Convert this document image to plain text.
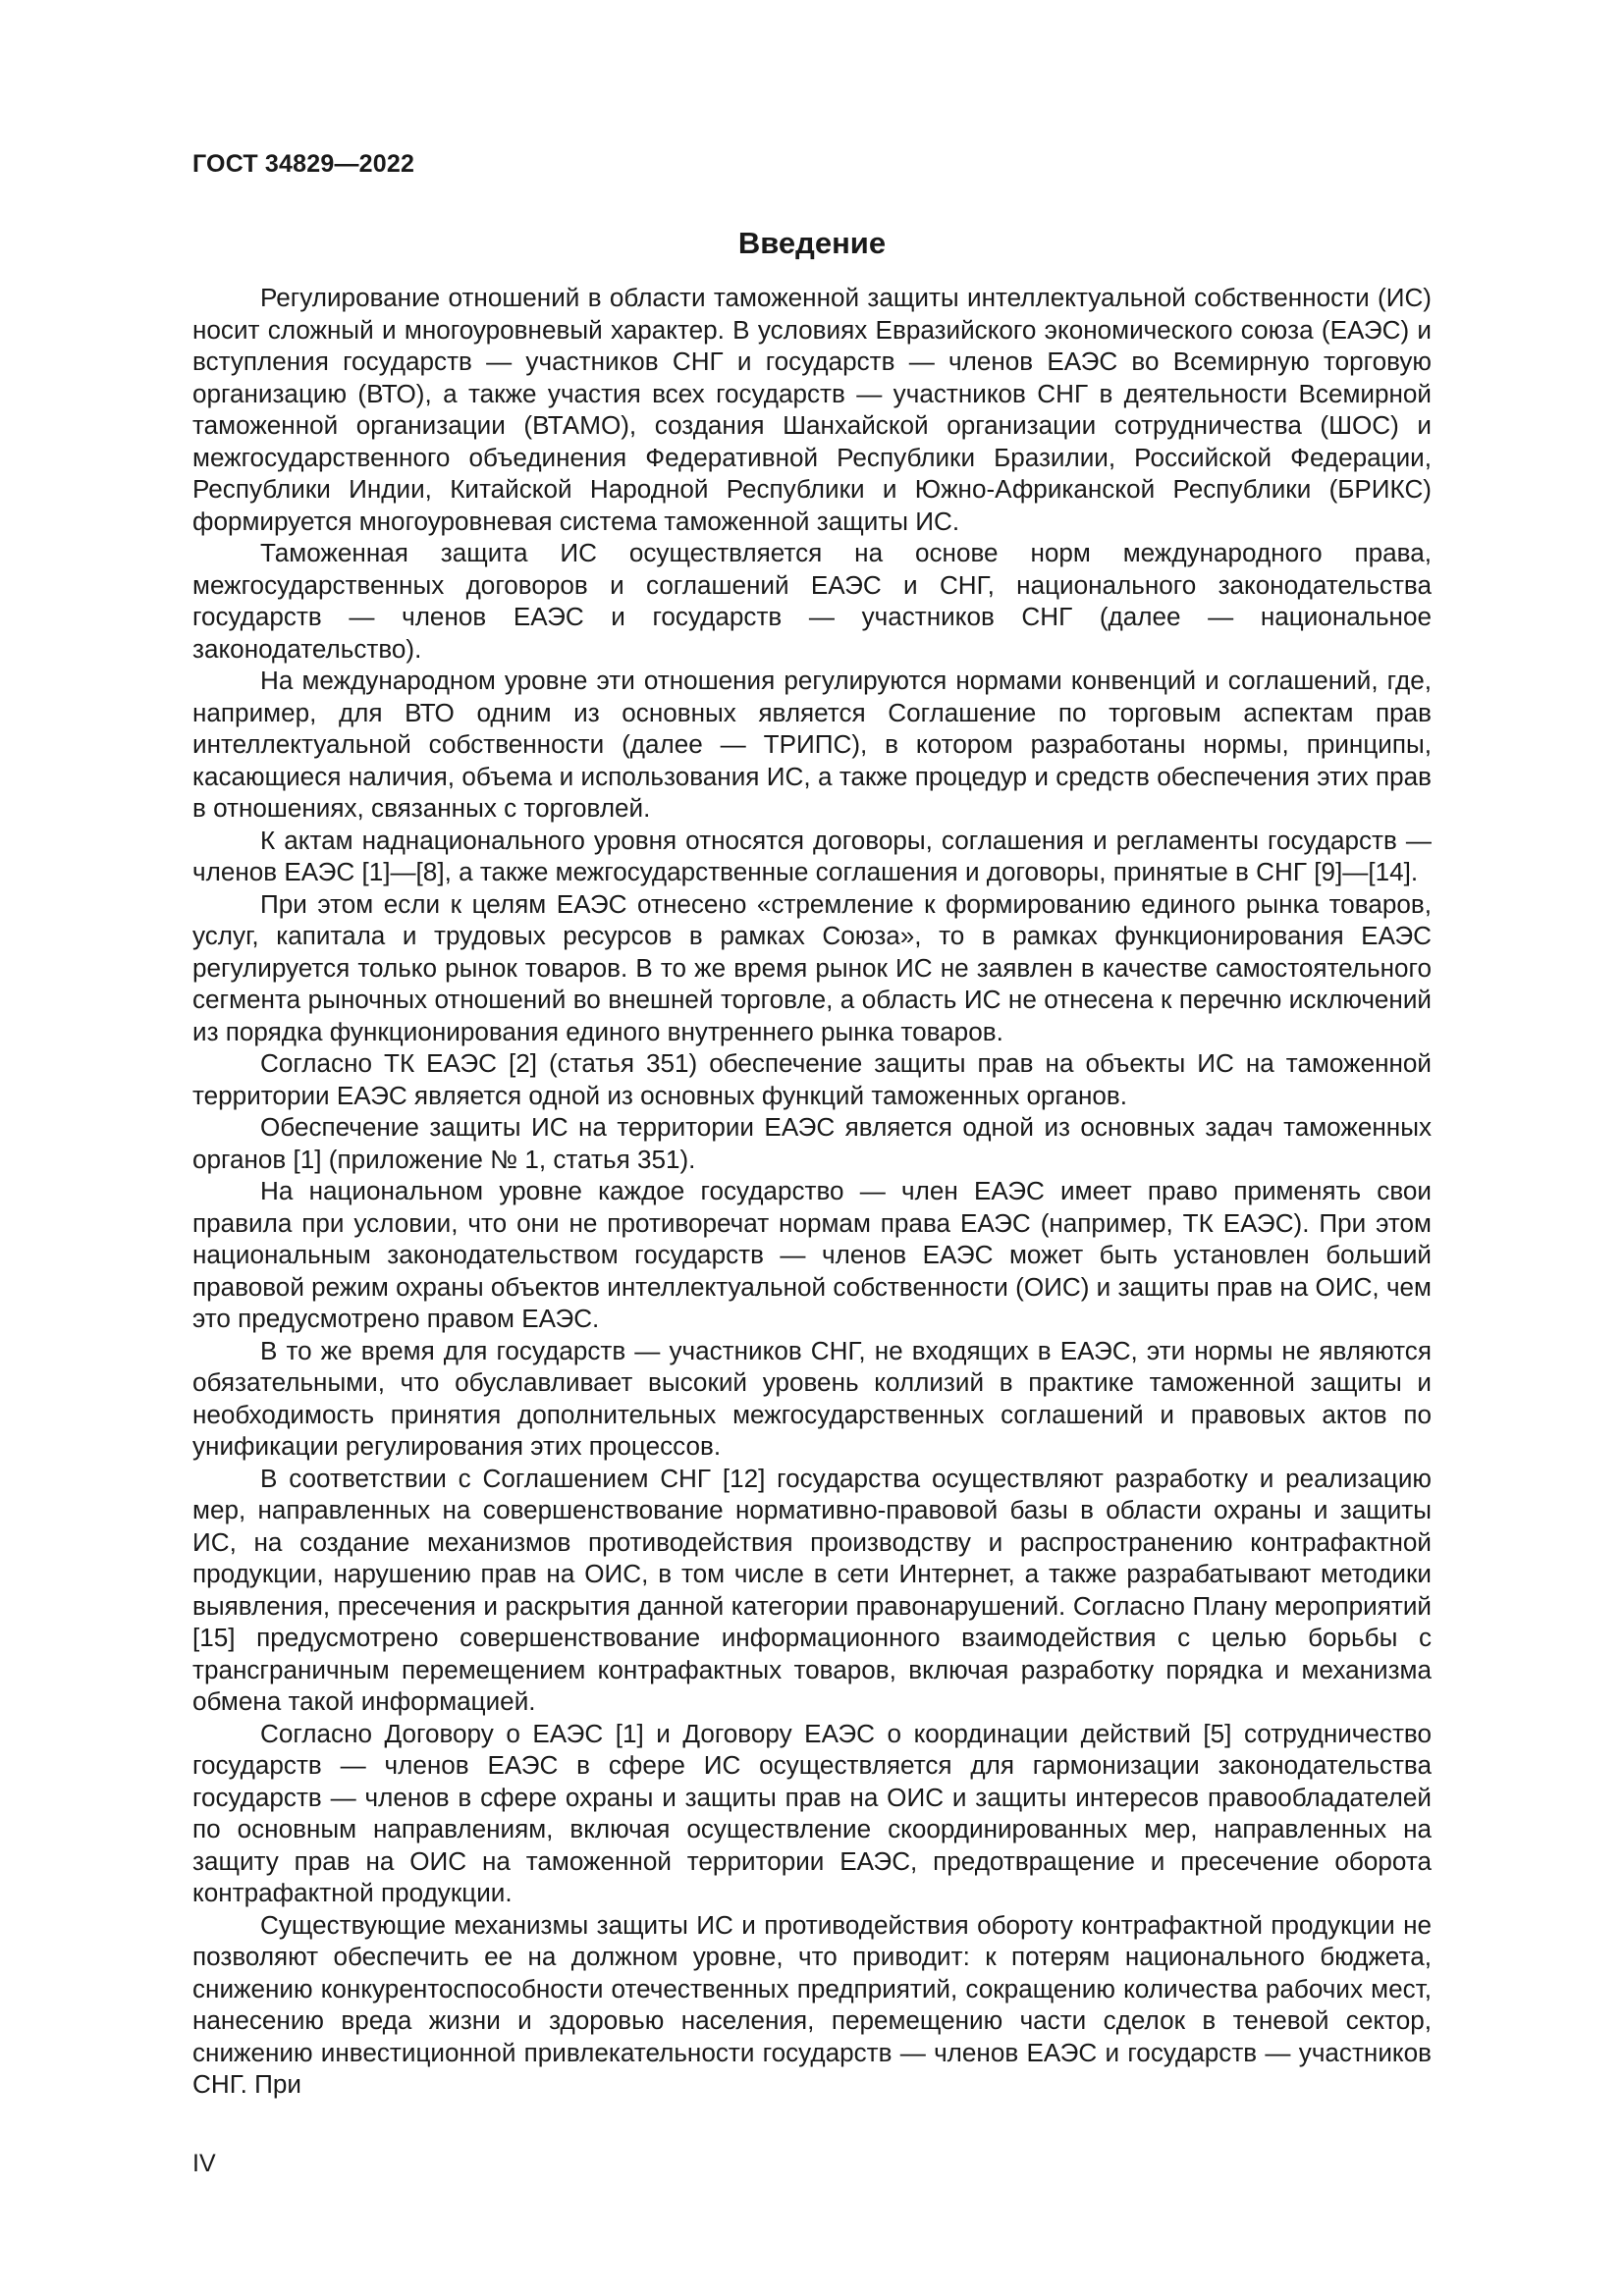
ГОСТ 34829—2022
Введение

Регулирование отношений в области таможенной защиты интеллектуальной собственности (ИС) носит сложный и многоуровневый характер. В условиях Евразийского экономического союза (ЕАЭС) и вступления государств — участников СНГ и государств — членов ЕАЭС во Всемирную торговую организацию (ВТО), а также участия всех государств — участников СНГ в деятельности Всемирной таможенной организации (ВТАМО), создания Шанхайской организации сотрудничества (ШОС) и межгосударственного объединения Федеративной Республики Бразилии, Российской Федерации, Республики Индии, Китайской Народной Республики и Южно-Африканской Республики (БРИКС) формируется многоуровневая система таможенной защиты ИС.

Таможенная защита ИС осуществляется на основе норм международного права, межгосударственных договоров и соглашений ЕАЭС и СНГ, национального законодательства государств — членов ЕАЭС и государств — участников СНГ (далее — национальное законодательство).

На международном уровне эти отношения регулируются нормами конвенций и соглашений, где, например, для ВТО одним из основных является Соглашение по торговым аспектам прав интеллектуальной собственности (далее — ТРИПС), в котором разработаны нормы, принципы, касающиеся наличия, объема и использования ИС, а также процедур и средств обеспечения этих прав в отношениях, связанных с торговлей.

К актам наднационального уровня относятся договоры, соглашения и регламенты государств — членов ЕАЭС [1]—[8], а также межгосударственные соглашения и договоры, принятые в СНГ [9]—[14].

При этом если к целям ЕАЭС отнесено «стремление к формированию единого рынка товаров, услуг, капитала и трудовых ресурсов в рамках Союза», то в рамках функционирования ЕАЭС регулируется только рынок товаров. В то же время рынок ИС не заявлен в качестве самостоятельного сегмента рыночных отношений во внешней торговле, а область ИС не отнесена к перечню исключений из порядка функционирования единого внутреннего рынка товаров.

Согласно ТК ЕАЭС [2] (статья 351) обеспечение защиты прав на объекты ИС на таможенной территории ЕАЭС является одной из основных функций таможенных органов.

Обеспечение защиты ИС на территории ЕАЭС является одной из основных задач таможенных органов [1] (приложение № 1, статья 351).

На национальном уровне каждое государство — член ЕАЭС имеет право применять свои правила при условии, что они не противоречат нормам права ЕАЭС (например, ТК ЕАЭС). При этом национальным законодательством государств — членов ЕАЭС может быть установлен больший правовой режим охраны объектов интеллектуальной собственности (ОИС) и защиты прав на ОИС, чем это предусмотрено правом ЕАЭС.

В то же время для государств — участников СНГ, не входящих в ЕАЭС, эти нормы не являются обязательными, что обуславливает высокий уровень коллизий в практике таможенной защиты и необходимость принятия дополнительных межгосударственных соглашений и правовых актов по унификации регулирования этих процессов.

В соответствии с Соглашением СНГ [12] государства осуществляют разработку и реализацию мер, направленных на совершенствование нормативно-правовой базы в области охраны и защиты ИС, на создание механизмов противодействия производству и распространению контрафактной продукции, нарушению прав на ОИС, в том числе в сети Интернет, а также разрабатывают методики выявления, пресечения и раскрытия данной категории правонарушений. Согласно Плану мероприятий [15] предусмотрено совершенствование информационного взаимодействия с целью борьбы с трансграничным перемещением контрафактных товаров, включая разработку порядка и механизма обмена такой информацией.

Согласно Договору о ЕАЭС [1] и Договору ЕАЭС о координации действий [5] сотрудничество государств — членов ЕАЭС в сфере ИС осуществляется для гармонизации законодательства государств — членов в сфере охраны и защиты прав на ОИС и защиты интересов правообладателей по основным направлениям, включая осуществление скоординированных мер, направленных на защиту прав на ОИС на таможенной территории ЕАЭС, предотвращение и пресечение оборота контрафактной продукции.

Существующие механизмы защиты ИС и противодействия обороту контрафактной продукции не позволяют обеспечить ее на должном уровне, что приводит: к потерям национального бюджета, снижению конкурентоспособности отечественных предприятий, сокращению количества рабочих мест, нанесению вреда жизни и здоровью населения, перемещению части сделок в теневой сектор, снижению инвестиционной привлекательности государств — членов ЕАЭС и государств — участников СНГ. При

IV
